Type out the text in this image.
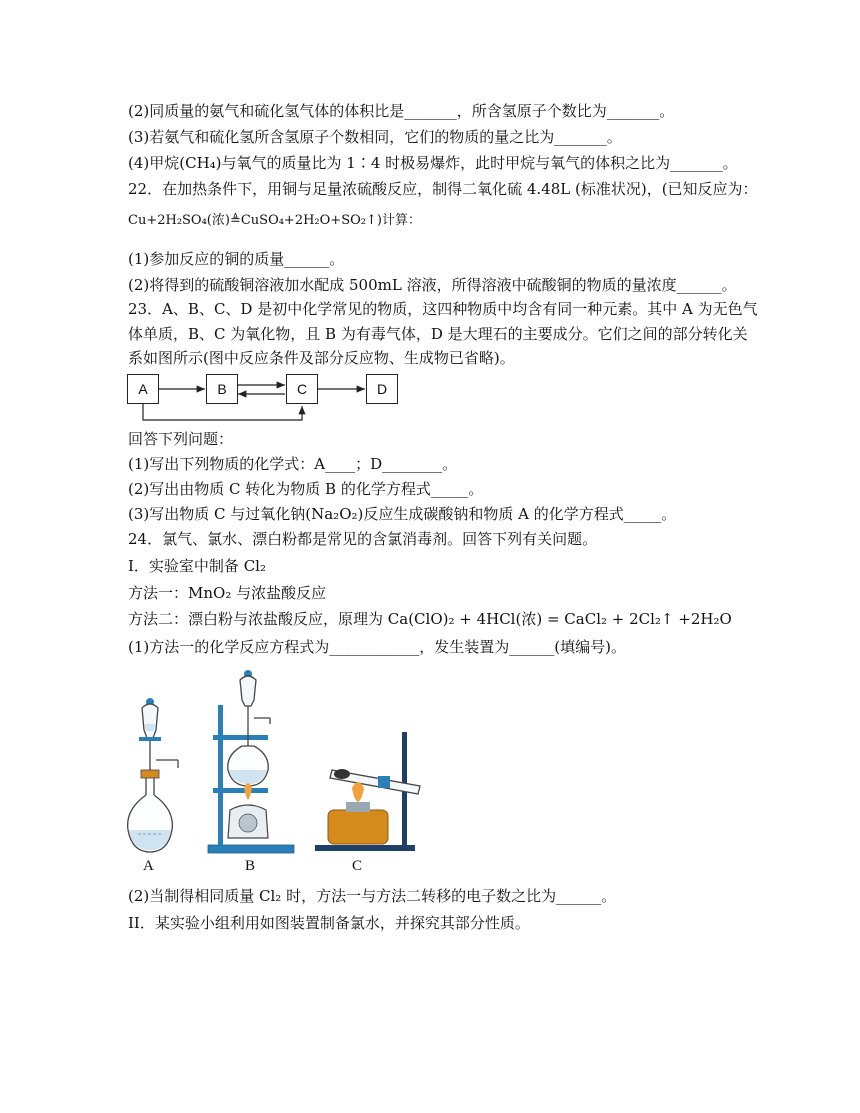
(2)同质量的氨气和硫化氢气体的体积比是_______，所含氢原子个数比为_______。
(3)若氨气和硫化氢所含氢原子个数相同，它们的物质的量之比为_______。
(4)甲烷(CH₄)与氧气的质量比为 1∶4 时极易爆炸，此时甲烷与氧气的体积之比为_______。
22．在加热条件下，用铜与足量浓硫酸反应，制得二氧化硫 4.48L (标准状况)，(已知反应为：
Cu+2H₂SO₄(浓)≜CuSO₄+2H₂O+SO₂↑)计算：
(1)参加反应的铜的质量______。
(2)将得到的硫酸铜溶液加水配成 500mL 溶液，所得溶液中硫酸铜的物质的量浓度______。
23．A、B、C、D 是初中化学常见的物质，这四种物质中均含有同一种元素。其中 A 为无色气
体单质，B、C 为氧化物，且 B 为有毒气体，D 是大理石的主要成分。它们之间的部分转化关
系如图所示(图中反应条件及部分反应物、生成物已省略)。
A	B	C	D
回答下列问题：
(1)写出下列物质的化学式：A____；D________。
(2)写出由物质 C 转化为物质 B 的化学方程式_____。
(3)写出物质 C 与过氧化钠(Na₂O₂)反应生成碳酸钠和物质 A 的化学方程式_____。
24．氯气、氯水、漂白粉都是常见的含氯消毒剂。回答下列有关问题。
I．实验室中制备 Cl₂
方法一：MnO₂ 与浓盐酸反应
方法二：漂白粉与浓盐酸反应，原理为 Ca(ClO)₂ + 4HCl(浓) = CaCl₂ + 2Cl₂↑ +2H₂O
(1)方法一的化学反应方程式为____________，发生装置为______(填编号)。
A	B	C
(2)当制得相同质量 Cl₂ 时，方法一与方法二转移的电子数之比为______。
II．某实验小组利用如图装置制备氯水，并探究其部分性质。
